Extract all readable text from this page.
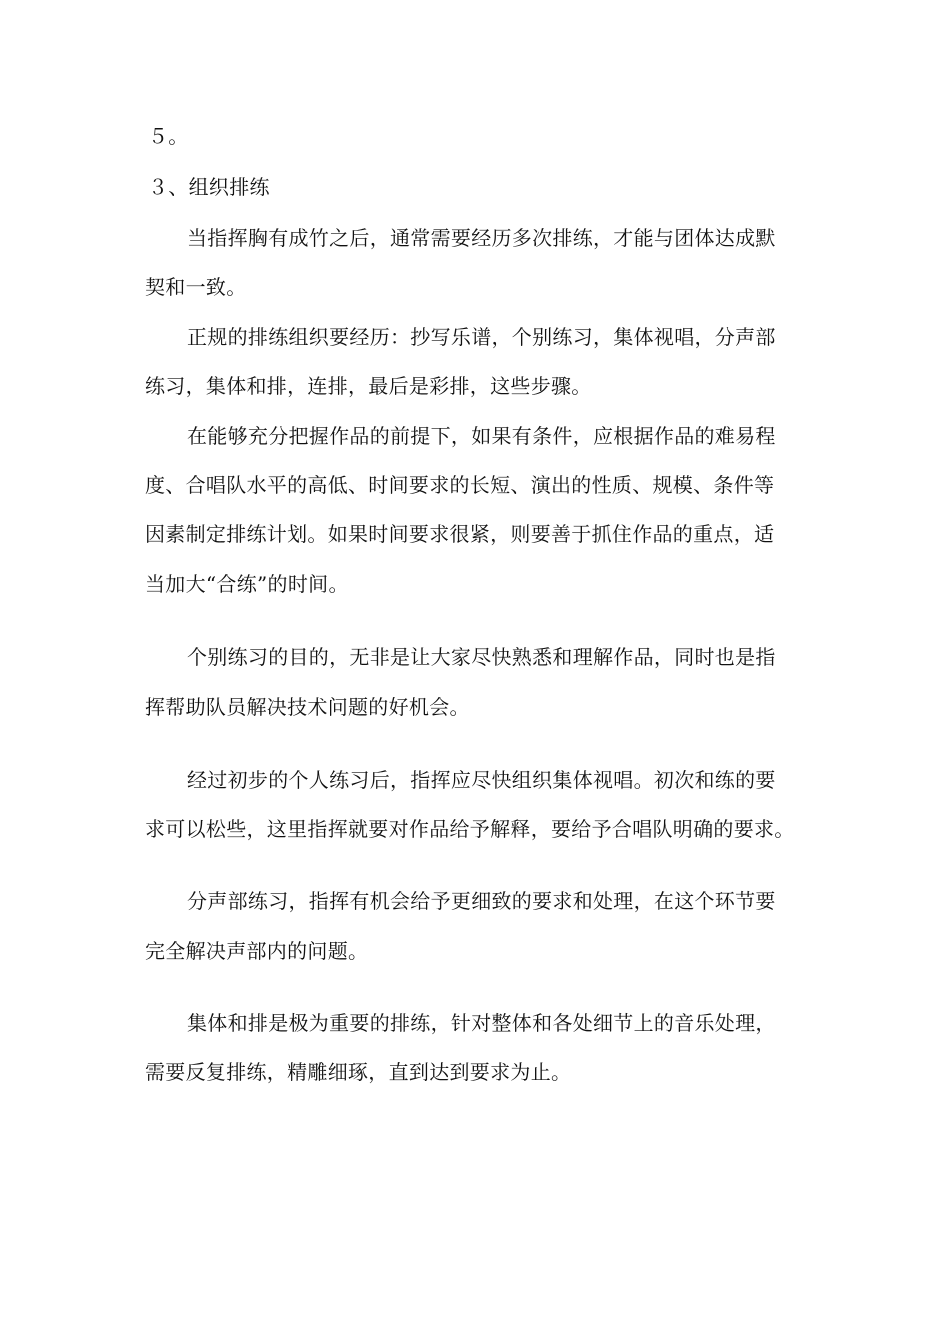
５。
３、组织排练
当指挥胸有成竹之后，通常需要经历多次排练，才能与团体达成默
契和一致。
正规的排练组织要经历：抄写乐谱，个别练习，集体视唱，分声部
练习，集体和排，连排，最后是彩排，这些步骤。
在能够充分把握作品的前提下，如果有条件，应根据作品的难易程
度、合唱队水平的高低、时间要求的长短、演出的性质、规模、条件等
因素制定排练计划。如果时间要求很紧，则要善于抓住作品的重点，适
当加大“合练”的时间。
个别练习的目的，无非是让大家尽快熟悉和理解作品，同时也是指
挥帮助队员解决技术问题的好机会。
经过初步的个人练习后，指挥应尽快组织集体视唱。初次和练的要
求可以松些，这里指挥就要对作品给予解释，要给予合唱队明确的要求。
分声部练习，指挥有机会给予更细致的要求和处理，在这个环节要
完全解决声部内的问题。
集体和排是极为重要的排练，针对整体和各处细节上的音乐处理，
需要反复排练，精雕细琢，直到达到要求为止。
